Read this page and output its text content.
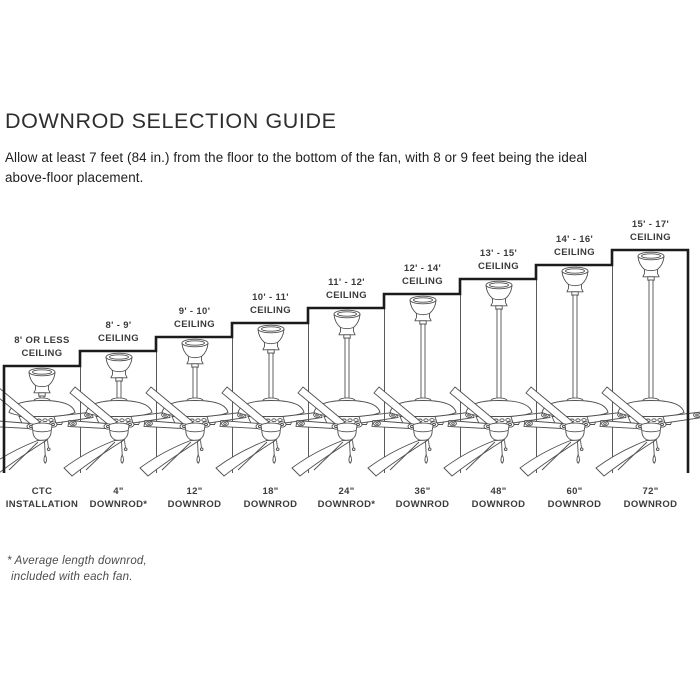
DOWNROD SELECTION GUIDE

Allow at least 7 feet (84 in.) from the floor to the bottom of the fan, with 8 or 9 feet being the ideal
above-floor placement.

* Average length downrod,
included with each fan.

8' OR LESS
CEILING
CTC
INSTALLATION
8' - 9'
CEILING
4"
DOWNROD*
9' - 10'
CEILING
12"
DOWNROD
10' - 11'
CEILING
18"
DOWNROD
11' - 12'
CEILING
24"
DOWNROD*
12' - 14'
CEILING
36"
DOWNROD
13' - 15'
CEILING
48"
DOWNROD
14' - 16'
CEILING
60"
DOWNROD
15' - 17'
CEILING
72"
DOWNROD
